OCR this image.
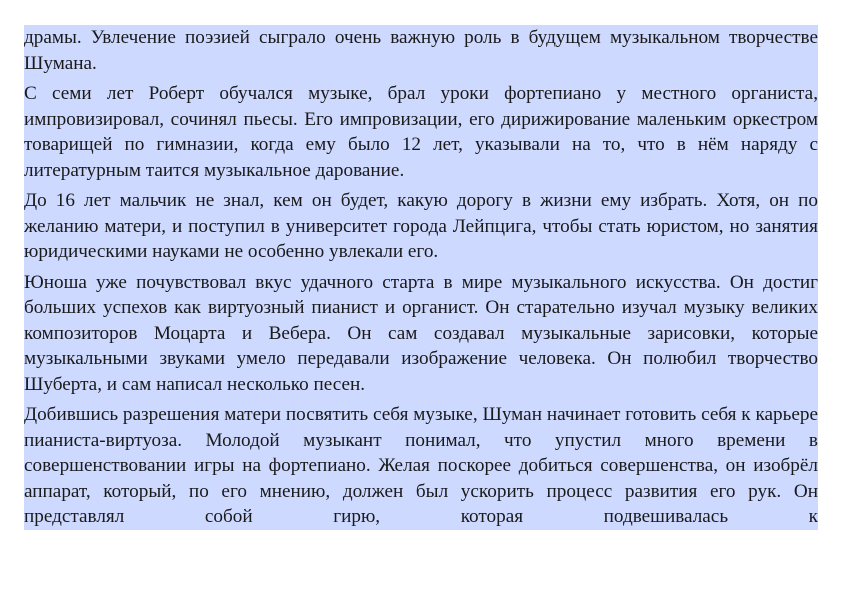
драмы. Увлечение поэзией сыграло очень важную роль в будущем музыкальном творчестве Шумана.

С семи лет Роберт обучался музыке, брал уроки фортепиано у местного органиста, импровизировал, сочинял пьесы. Его импровизации, его дирижирование маленьким оркестром товарищей по гимназии, когда ему было 12 лет, указывали на то, что в нём наряду с литературным таится музыкальное дарование.

До 16 лет мальчик не знал, кем он будет, какую дорогу в жизни ему избрать. Хотя, он по желанию матери, и поступил в университет города Лейпцига, чтобы стать юристом, но занятия юридическими науками не особенно увлекали его.

Юноша уже почувствовал вкус удачного старта в мире музыкального искусства. Он достиг больших успехов как виртуозный пианист и органист. Он старательно изучал музыку великих композиторов Моцарта и Вебера. Он сам создавал музыкальные зарисовки, которые музыкальными звуками умело передавали изображение человека. Он полюбил творчество Шуберта, и сам написал несколько песен.

Добившись разрешения матери посвятить себя музыке, Шуман начинает готовить себя к карьере пианиста-виртуоза. Молодой музыкант понимал, что упустил много времени в совершенствовании игры на фортепиано. Желая поскорее добиться совершенства, он изобрёл аппарат, который, по его мнению, должен был ускорить процесс развития его рук. Он представлял собой гирю, которая подвешивалась к
